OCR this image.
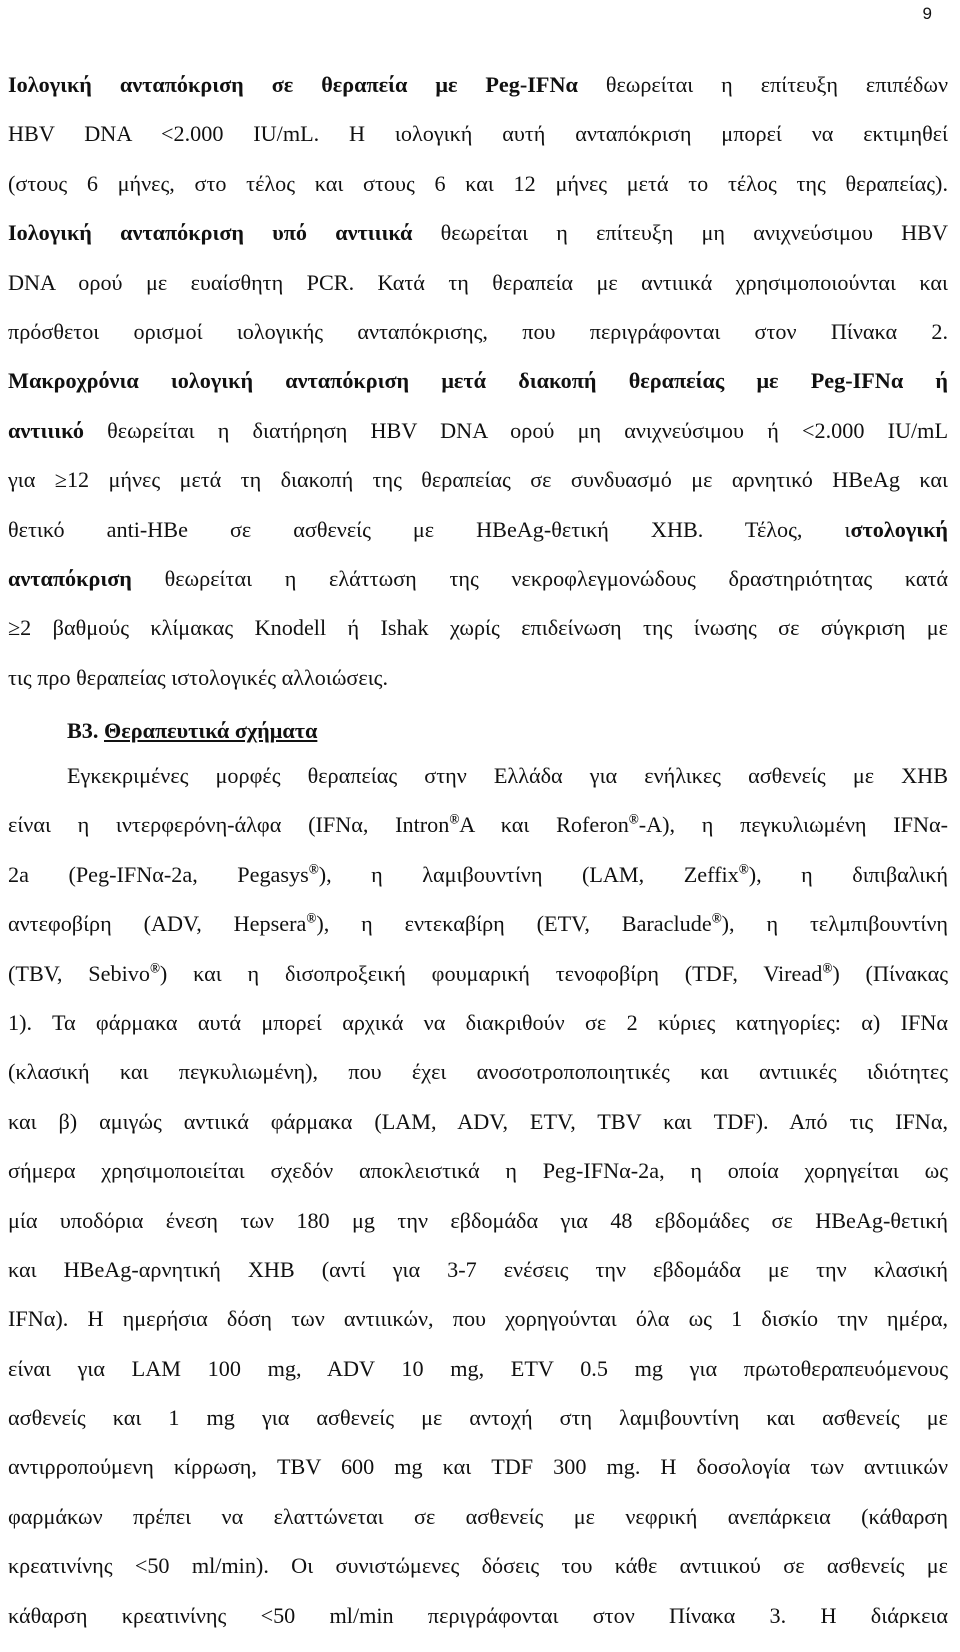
9
Ιολογική ανταπόκριση σε θεραπεία με Peg-IFNα θεωρείται η επίτευξη επιπέδων
HBV DNA <2.000 IU/mL. Η ιολογική αυτή ανταπόκριση μπορεί να εκτιμηθεί
(στους 6 μήνες, στο τέλος και στους 6 και 12 μήνες μετά το τέλος της θεραπείας).
Ιολογική ανταπόκριση υπό αντιιικά θεωρείται η επίτευξη μη ανιχνεύσιμου HBV
DNA ορού με ευαίσθητη PCR. Κατά τη θεραπεία με αντιιικά χρησιμοποιούνται και
πρόσθετοι ορισμοί ιολογικής ανταπόκρισης, που περιγράφονται στον Πίνακα 2.
Μακροχρόνια ιολογική ανταπόκριση μετά διακοπή θεραπείας με Peg-IFNα ή
αντιιικό θεωρείται η διατήρηση HBV DNA ορού μη ανιχνεύσιμου ή <2.000 IU/mL
για ≥12 μήνες μετά τη διακοπή της θεραπείας σε συνδυασμό με αρνητικό HBeAg και
θετικό anti-HBe σε ασθενείς με HBeAg-θετική ΧΗΒ. Τέλος, ιστολογική
ανταπόκριση θεωρείται η ελάττωση της νεκροφλεγμονώδους δραστηριότητας κατά
≥2 βαθμούς κλίμακας Knodell ή Ishak χωρίς επιδείνωση της ίνωσης σε σύγκριση με
τις προ θεραπείας ιστολογικές αλλοιώσεις.
Β3. Θεραπευτικά σχήματα
Εγκεκριμένες μορφές θεραπείας στην Ελλάδα για ενήλικες ασθενείς με ΧΗΒ
είναι η ιντερφερόνη-άλφα (IFNα, Intron®A και Roferon®-A), η πεγκυλιωμένη IFNα-
2a (Peg-IFNα-2a, Pegasys®), η λαμιβουντίνη (LAM, Zeffix®), η διπιβαλική
αντεφοβίρη (ADV, Hepsera®), η εντεκαβίρη (ETV, Baraclude®), η τελμπιβουντίνη
(TBV, Sebivo®) και η δισοπροξεική φουμαρική τενοφοβίρη (TDF, Viread®) (Πίνακας
1). Τα φάρμακα αυτά μπορεί αρχικά να διακριθούν σε 2 κύριες κατηγορίες: α) IFNα
(κλασική και πεγκυλιωμένη), που έχει ανοσοτροποποιητικές και αντιιικές ιδιότητες
και β) αμιγώς αντιικά φάρμακα (LAM, ADV, ETV, TBV και TDF). Από τις IFNα,
σήμερα χρησιμοποιείται σχεδόν αποκλειστικά η Peg-IFNα-2a, η οποία χορηγείται ως
μία υποδόρια ένεση των 180 μg την εβδομάδα για 48 εβδομάδες σε HBeAg-θετική
και HBeAg-αρνητική ΧΗΒ (αντί για 3-7 ενέσεις την εβδομάδα με την κλασική
IFNα). Η ημερήσια δόση των αντιιικών, που χορηγούνται όλα ως 1 δισκίο την ημέρα,
είναι για LAM 100 mg, ADV 10 mg, ETV 0.5 mg για πρωτοθεραπευόμενους
ασθενείς και 1 mg για ασθενείς με αντοχή στη λαμιβουντίνη και ασθενείς με
αντιρροπούμενη κίρρωση, TBV 600 mg και TDF 300 mg. Η δοσολογία των αντιιικών
φαρμάκων πρέπει να ελαττώνεται σε ασθενείς με νεφρική ανεπάρκεια (κάθαρση
κρεατινίνης <50 ml/min). Οι συνιστώμενες δόσεις του κάθε αντιιικού σε ασθενείς με
κάθαρση κρεατινίνης <50 ml/min περιγράφονται στον Πίνακα 3. Η διάρκεια
